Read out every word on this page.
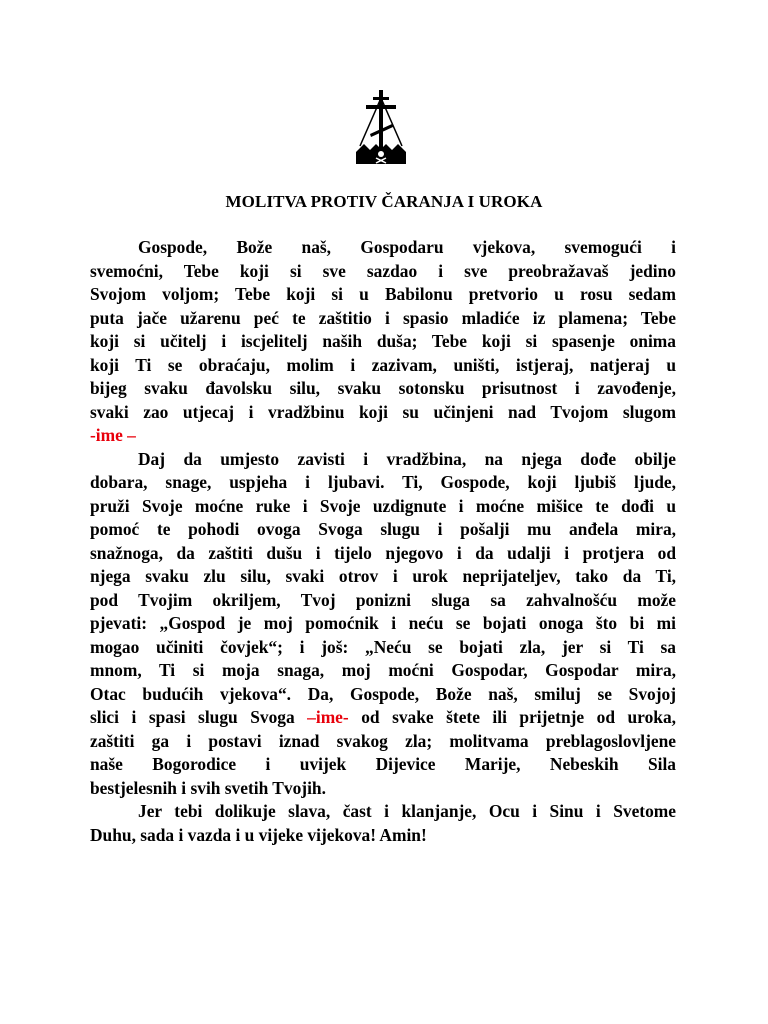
MOLITVA PROTIV ČARANJA I UROKA
Gospode, Bože naš, Gospodaru vjekova, svemogući i
svemoćni, Tebe koji si sve sazdao i sve preobražavaš jedino
Svojom voljom; Tebe koji si u Babilonu pretvorio u rosu sedam
puta jače užarenu peć te zaštitio i spasio mladiće iz plamena; Tebe
koji si učitelj i iscjelitelj naših duša; Tebe koji si spasenje onima
koji Ti se obraćaju, molim i zazivam, uništi, istjeraj, natjeraj u
bijeg svaku đavolsku silu, svaku sotonsku prisutnost i zavođenje,
svaki zao utjecaj i vradžbinu koji su učinjeni nad Tvojom slugom
-ime –
Daj da umjesto zavisti i vradžbina, na njega dođe obilje
dobara, snage, uspjeha i ljubavi. Ti, Gospode, koji ljubiš ljude,
pruži Svoje moćne ruke i Svoje uzdignute i moćne mišice te dođi u
pomoć te pohodi ovoga Svoga slugu i pošalji mu anđela mira,
snažnoga, da zaštiti dušu i tijelo njegovo i da udalji i protjera od
njega svaku zlu silu, svaki otrov i urok neprijateljev, tako da Ti,
pod Tvojim okriljem, Tvoj ponizni sluga sa zahvalnošću može
pjevati: „Gospod je moj pomoćnik i neću se bojati onoga što bi mi
mogao učiniti čovjek“; i još: „Neću se bojati zla, jer si Ti sa
mnom, Ti si moja snaga, moj moćni Gospodar, Gospodar mira,
Otac budućih vjekova“. Da, Gospode, Bože naš, smiluj se Svojoj
slici i spasi slugu Svoga –ime- od svake štete ili prijetnje od uroka,
zaštiti ga i postavi iznad svakog zla; molitvama preblagoslovljene
naše Bogorodice i uvijek Dijevice Marije, Nebeskih Sila
bestjelesnih i svih svetih Tvojih.
Jer tebi dolikuje slava, čast i klanjanje, Ocu i Sinu i Svetome
Duhu, sada i vazda i u vijeke vijekova! Amin!
